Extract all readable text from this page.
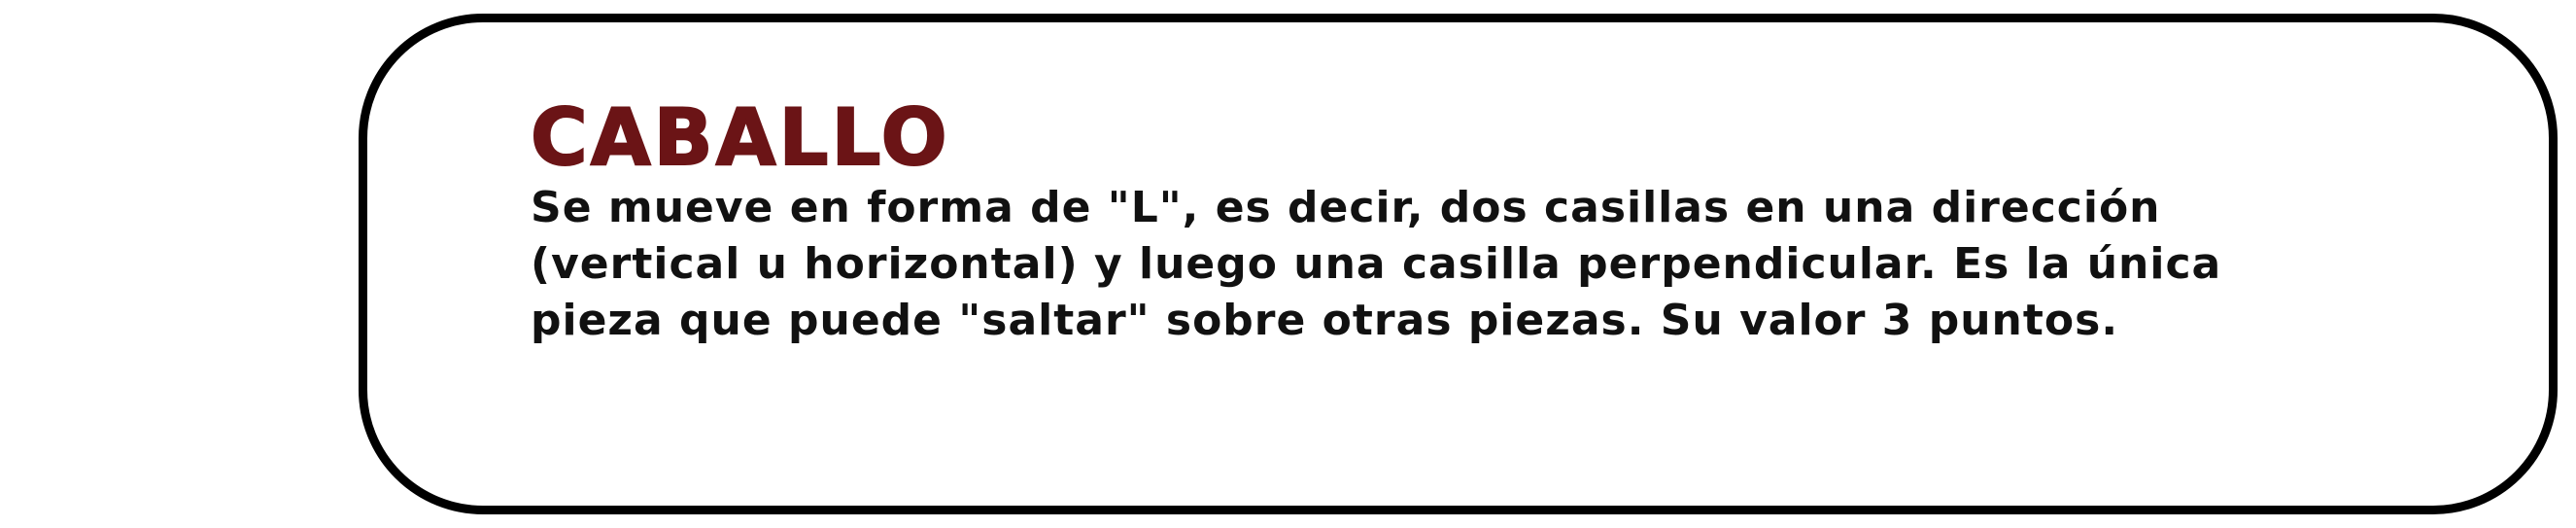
CABALLO

Se mueve en forma de "L", es decir, dos casillas en una dirección
(vertical u horizontal) y luego una casilla perpendicular. Es la única
pieza que puede "saltar" sobre otras piezas. Su valor 3 puntos.
